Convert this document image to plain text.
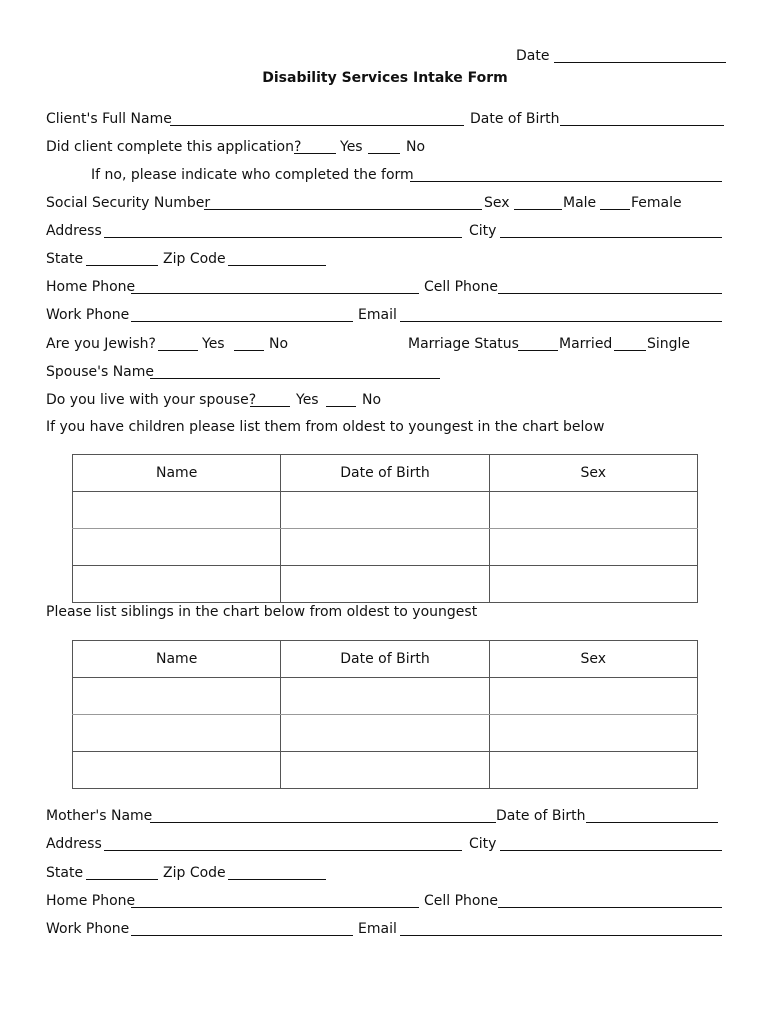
Date
Disability Services Intake Form
Client's Full Name	Date of Birth
Did client complete this application?	Yes	No
If no, please indicate who completed the form
Social Security Number	Sex	Male Female
Address	City
State	Zip Code
Home Phone	Cell Phone
Work Phone	Email
Are you Jewish?	Yes	No	Marriage Status	Married Single
Spouse's Name
Do you live with your spouse?	Yes	No
If you have children please list them from oldest to youngest in the chart below
Name	Date of Birth	Sex

Please list siblings in the chart below from oldest to youngest
Name	Date of Birth	Sex

Mother's Name	Date of Birth
Address	City
State	Zip Code
Home Phone	Cell Phone
Work Phone	Email
